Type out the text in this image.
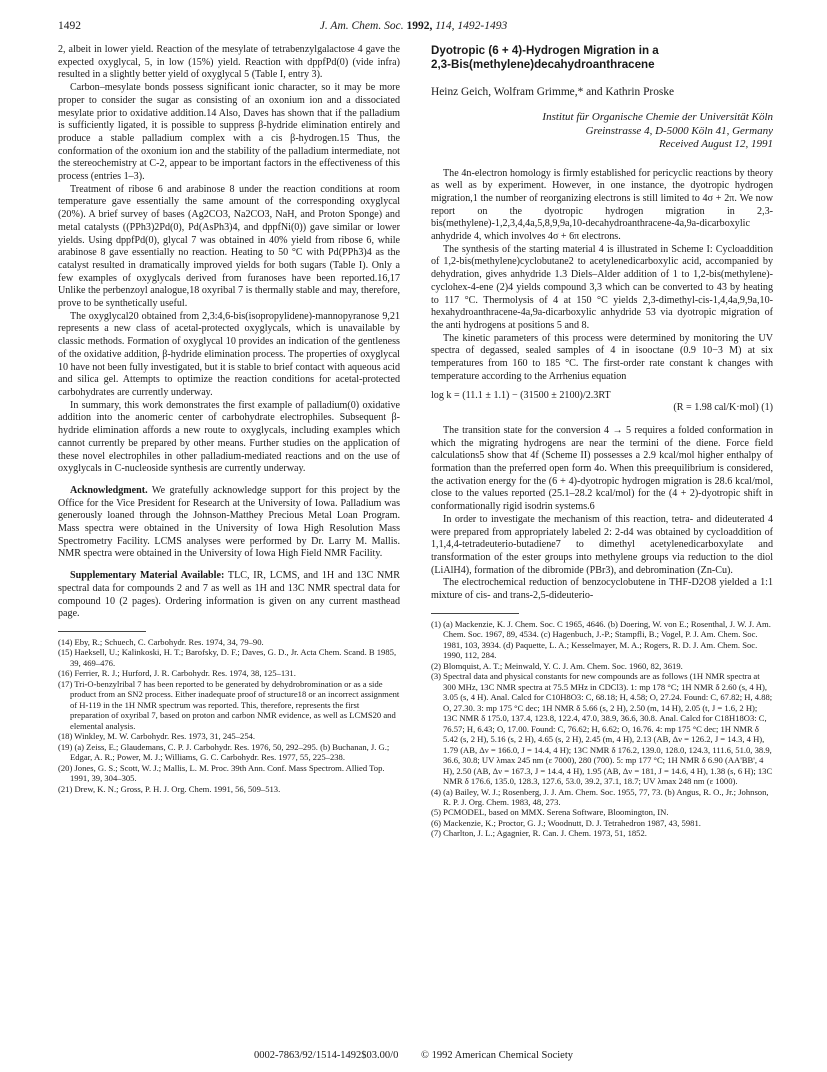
1492	J. Am. Chem. Soc. 1992, 114, 1492-1493

2, albeit in lower yield. Reaction of the mesylate of tetrabenzylgalactose 4 gave the expected oxyglycal, 5, in low (15%) yield. Reaction with dppfPd(0) (vide infra) resulted in a slightly better yield of oxyglycal 5 (Table I, entry 3).

Carbon–mesylate bonds possess significant ionic character, so it may be more proper to consider the sugar as consisting of an oxonium ion and a dissociated mesylate prior to oxidative addition.14 Also, Daves has shown that if the palladium is sufficiently ligated, it is possible to suppress β-hydride elimination entirely and produce a stable palladium complex with a cis β-hydrogen.15 Thus, the conformation of the oxonium ion and the stability of the palladium intermediate, not the stereochemistry at C-2, appear to be important factors in the effectiveness of this process (entries 1–3).

Treatment of ribose 6 and arabinose 8 under the reaction conditions at room temperature gave essentially the same amount of the corresponding oxyglycal (20%). A brief survey of bases (Ag2CO3, Na2CO3, NaH, and Proton Sponge) and metal catalysts ((PPh3)2Pd(0), Pd(AsPh3)4, and dppfNi(0)) gave similar or lower yields. Using dppfPd(0), glycal 7 was obtained in 40% yield from ribose 6, while arabinose 8 gave essentially no reaction. Heating to 50 °C with Pd(PPh3)4 as the catalyst resulted in dramatically improved yields for both sugars (Table I). Only a few examples of oxyglycals derived from furanoses have been reported.16,17 Unlike the perbenzoyl analogue,18 oxyribal 7 is thermally stable and may, therefore, prove to be synthetically useful.

The oxyglycal20 obtained from 2,3:4,6-bis(isopropylidene)-mannopyranose 9,21 represents a new class of acetal-protected oxyglycals, which is unavailable by classic methods. Formation of oxyglycal 10 provides an indication of the gentleness of the oxidative addition, β-hydride elimination process. The properties of oxyglycal 10 have not been fully investigated, but it is stable to brief contact with aqueous acid and silica gel. Attempts to optimize the reaction conditions for acetal-protected carbohydrates are currently underway.

In summary, this work demonstrates the first example of palladium(0) oxidative addition into the anomeric center of carbohydrate electrophiles. Subsequent β-hydride elimination affords a new route to oxyglycals, including examples which cannot currently be prepared by other means. Further studies on the application of these novel electrophiles in other palladium-mediated reactions and on the use of oxyglycals in C-nucleoside synthesis are currently underway.

Acknowledgment. We gratefully acknowledge support for this project by the Office for the Vice President for Research at the University of Iowa. Palladium was generously loaned through the Johnson-Matthey Precious Metal Loan Program. Mass spectra were obtained in the University of Iowa High Resolution Mass Spectrometry Facility. LCMS analyses were performed by Dr. Larry M. Mallis. NMR spectra were obtained in the University of Iowa High Field NMR Facility.

Supplementary Material Available: TLC, IR, LCMS, and 1H and 13C NMR spectral data for compounds 2 and 7 as well as 1H and 13C NMR spectral data for compound 10 (2 pages). Ordering information is given on any current masthead page.

(14) Eby, R.; Schuech, C. Carbohydr. Res. 1974, 34, 79–90.

(15) Haeksell, U.; Kalinkoski, H. T.; Barofsky, D. F.; Daves, G. D., Jr. Acta Chem. Scand. B 1985, 39, 469–476.

(16) Ferrier, R. J.; Hurford, J. R. Carbohydr. Res. 1974, 38, 125–131.

(17) Tri-O-benzylribal 7 has been reported to be generated by dehydrobromination or as a side product from an SN2 process. Either inadequate proof of structure18 or an incorrect assignment of H-119 in the 1H NMR spectrum was reported. This, therefore, represents the first preparation of oxyribal 7, based on proton and carbon NMR evidence, as well as LCMS20 and elemental analysis.

(18) Winkley, M. W. Carbohydr. Res. 1973, 31, 245–254.

(19) (a) Zeiss, E.; Glaudemans, C. P. J. Carbohydr. Res. 1976, 50, 292–295. (b) Buchanan, J. G.; Edgar, A. R.; Power, M. J.; Williams, G. C. Carbohydr. Res. 1977, 55, 225–238.

(20) Jones, G. S.; Scott, W. J.; Mallis, L. M. Proc. 39th Ann. Conf. Mass Spectrom. Allied Top. 1991, 39, 304–305.

(21) Drew, K. N.; Gross, P. H. J. Org. Chem. 1991, 56, 509–513.

Dyotropic (6 + 4)-Hydrogen Migration in a
2,3-Bis(methylene)decahydroanthracene
Heinz Geich, Wolfram Grimme,* and Kathrin Proske
Institut für Organische Chemie der Universität Köln
Greinstrasse 4, D-5000 Köln 41, Germany
Received August 12, 1991

The 4n-electron homology is firmly established for pericyclic reactions by theory as well as by experiment. However, in one instance, the dyotropic hydrogen migration,1 the number of reorganizing electrons is still limited to 4σ + 2π. We now report on the dyotropic hydrogen migration in 2,3-bis(methylene)-1,2,3,4,4a,5,8,9,9a,10-decahydroanthracene-4a,9a-dicarboxylic anhydride 4, which involves 4σ + 6π electrons.

The synthesis of the starting material 4 is illustrated in Scheme I: Cycloaddition of 1,2-bis(methylene)cyclobutane2 to acetylenedicarboxylic acid, accompanied by dehydration, gives anhydride 1.3 Diels–Alder addition of 1 to 1,2-bis(methylene)-cyclohex-4-ene (2)4 yields compound 3,3 which can be converted to 43 by heating to 117 °C. Thermolysis of 4 at 150 °C yields 2,3-dimethyl-cis-1,4,4a,9,9a,10-hexahydroanthracene-4a,9a-dicarboxylic anhydride 53 via dyotropic migration of the anti hydrogens at positions 5 and 8.

The kinetic parameters of this process were determined by monitoring the UV spectra of degassed, sealed samples of 4 in isooctane (0.9 10−3 M) at six temperatures from 160 to 185 °C. The first-order rate constant k changes with temperature according to the Arrhenius equation

log k = (11.1 ± 1.1) − (31500 ± 2100)/2.3RT
(R = 1.98 cal/K·mol) (1)

The transition state for the conversion 4 → 5 requires a folded conformation in which the migrating hydrogens are near the termini of the diene. Force field calculations5 show that 4f (Scheme II) possesses a 2.9 kcal/mol higher enthalpy of formation than the preferred open form 4o. When this preequilibrium is considered, the activation energy for the (6 + 4)-dyotropic hydrogen migration is 28.6 kcal/mol, close to the values reported (25.1–28.2 kcal/mol) for the (4 + 2)-dyotropic shift in conformationally rigid isodrin systems.6

In order to investigate the mechanism of this reaction, tetra- and dideuterated 4 were prepared from appropriately labeled 2: 2-d4 was obtained by cycloaddition of 1,1,4,4-tetradeuterio-butadiene7 to dimethyl acetylenedicarboxylate and transformation of the ester groups into methylene groups via reduction to the diol (LiAlH4), formation of the dibromide (PBr3), and debromination (Zn-Cu).

The electrochemical reduction of benzocyclobutene in THF-D2O8 yielded a 1:1 mixture of cis- and trans-2,5-dideuterio-

(1) (a) Mackenzie, K. J. Chem. Soc. C 1965, 4646. (b) Doering, W. von E.; Rosenthal, J. W. J. Am. Chem. Soc. 1967, 89, 4534. (c) Hagenbuch, J.-P.; Stampfli, B.; Vogel, P. J. Am. Chem. Soc. 1981, 103, 3934. (d) Paquette, L. A.; Kesselmayer, M. A.; Rogers, R. D. J. Am. Chem. Soc. 1990, 112, 284.

(2) Blomquist, A. T.; Meinwald, Y. C. J. Am. Chem. Soc. 1960, 82, 3619.

(3) Spectral data and physical constants for new compounds are as follows (1H NMR spectra at 300 MHz, 13C NMR spectra at 75.5 MHz in CDCl3). 1: mp 178 °C; 1H NMR δ 2.60 (s, 4 H), 3.05 (s, 4 H). Anal. Calcd for C10H8O3: C, 68.18; H, 4.58; O, 27.24. Found: C, 67.82; H, 4.88; O, 27.30. 3: mp 175 °C dec; 1H NMR δ 5.66 (s, 2 H), 2.50 (m, 14 H), 2.05 (t, J = 1.6, 2 H); 13C NMR δ 175.0, 137.4, 123.8, 122.4, 47.0, 38.9, 36.6, 30.8. Anal. Calcd for C18H18O3: C, 76.57; H, 6.43; O, 17.00. Found: C, 76.62; H, 6.62; O, 16.76. 4: mp 175 °C dec; 1H NMR δ 5.42 (s, 2 H), 5.16 (s, 2 H), 4.65 (s, 2 H), 2.45 (m, 4 H), 2.13 (AB, Δν = 126.2, J = 14.3, 4 H), 1.79 (AB, Δν = 166.0, J = 14.4, 4 H); 13C NMR δ 176.2, 139.0, 128.0, 124.3, 111.6, 51.0, 38.9, 36.6, 30.8; UV λmax 245 nm (ε 7000), 280 (700). 5: mp 177 °C; 1H NMR δ 6.90 (AA'BB', 4 H), 2.50 (AB, Δν = 167.3, J = 14.4, 4 H), 1.95 (AB, Δν = 181, J = 14.6, 4 H), 1.38 (s, 6 H); 13C NMR δ 176.6, 135.0, 128.3, 127.6, 53.0, 39.2, 37.1, 18.7; UV λmax 248 nm (ε 1000).

(4) (a) Bailey, W. J.; Rosenberg, J. J. Am. Chem. Soc. 1955, 77, 73. (b) Angus, R. O., Jr.; Johnson, R. P. J. Org. Chem. 1983, 48, 273.

(5) PCMODEL, based on MMX. Serena Software, Bloomington, IN.

(6) Mackenzie, K.; Proctor, G. J.; Woodnutt, D. J. Tetrahedron 1987, 43, 5981.

(7) Charlton, J. L.; Agagnier, R. Can. J. Chem. 1973, 51, 1852.

0002-7863/92/1514-1492$03.00/0 © 1992 American Chemical Society
